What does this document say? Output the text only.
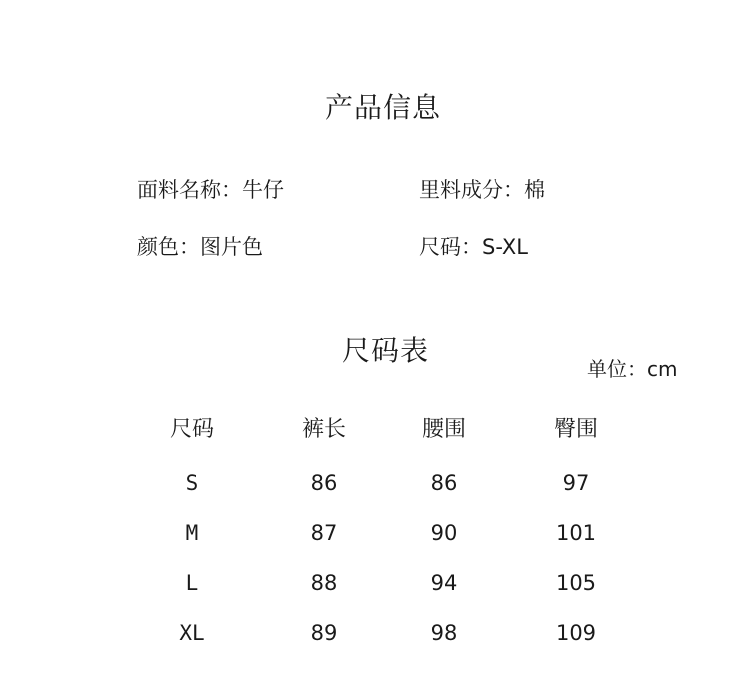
产品信息
面料名称：牛仔	里料成分：棉
颜色：图片色	尺码：S-XL
尺码表
单位：cm
尺码	裤长	腰围	臀围
S	86	86	97
M	87	90	101
L	88	94	105
XL	89	98	109
